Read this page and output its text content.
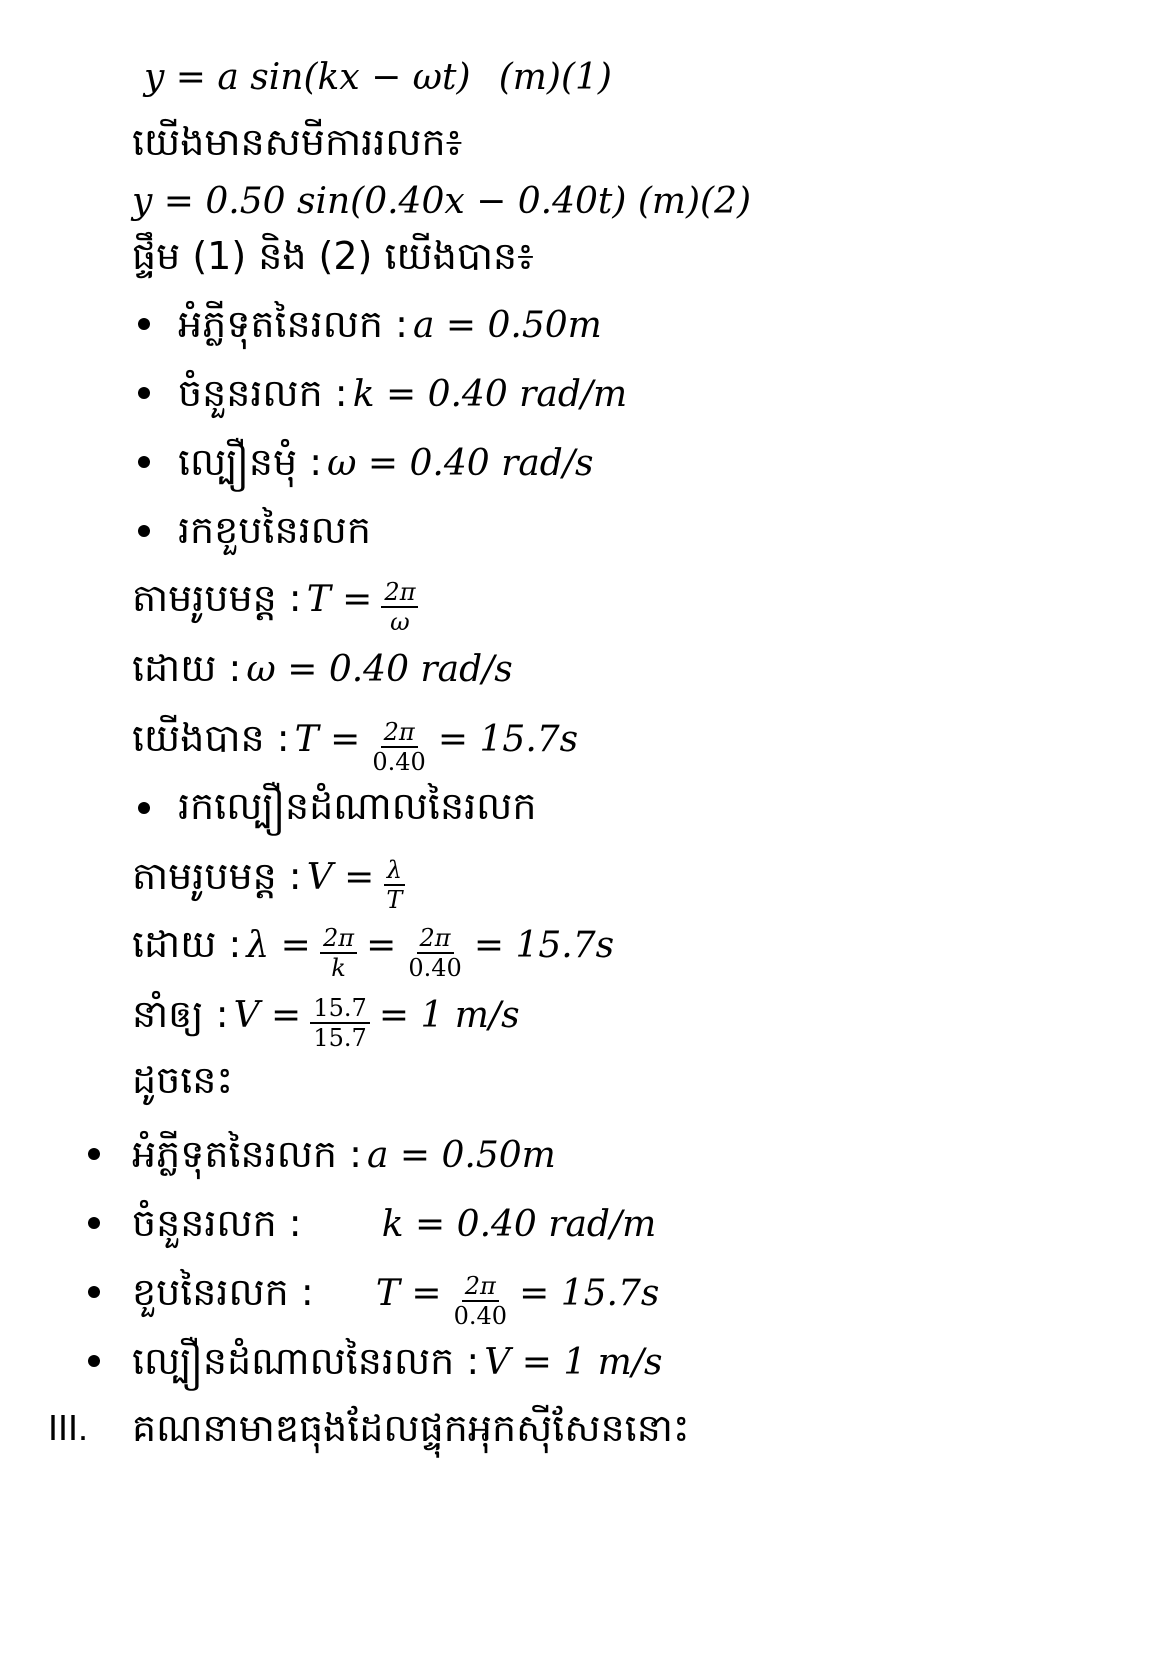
y = a sin(kx − ωt) (m)(1)
យើងមានសមីការរលក៖
y = 0.50 sin(0.40x − 0.40t) (m)(2)
ផ្ទឹម (1) និង (2) យើងបាន៖
អំភ្លីទុតនៃរលក : a = 0.50m
ចំនួនរលក : k = 0.40 rad/m
ល្បឿនមុំ : ω = 0.40 rad/s
រកខួបនៃរលក
តាមរូបមន្ត : $T = \frac{2\pi}{\omega}$
ដោយ : ω = 0.40 rad/s
យើងបាន : $T = \frac{2\pi}{0.40} = 15.7s$
រកល្បឿនដំណាលនៃរលក
តាមរូបមន្ត : $V = \frac{\lambda}{T}$
ដោយ : $\lambda = \frac{2\pi}{k} = \frac{2\pi}{0.40} = 15.7s$
នាំឲ្យ : $V = \frac{15.7}{15.7} = 1$ m/s
ដូចនេះ
អំភ្លីទុតនៃរលក : a = 0.50m
ចំនួនរលក : k = 0.40 rad/m
ខួបនៃរលក : $T = \frac{2\pi}{0.40} = 15.7s$
ល្បឿនដំណាលនៃរលក : V = 1 m/s
III. គណនាមាឌធុងដែលផ្ទុកអុកស៊ីសែននោះ
